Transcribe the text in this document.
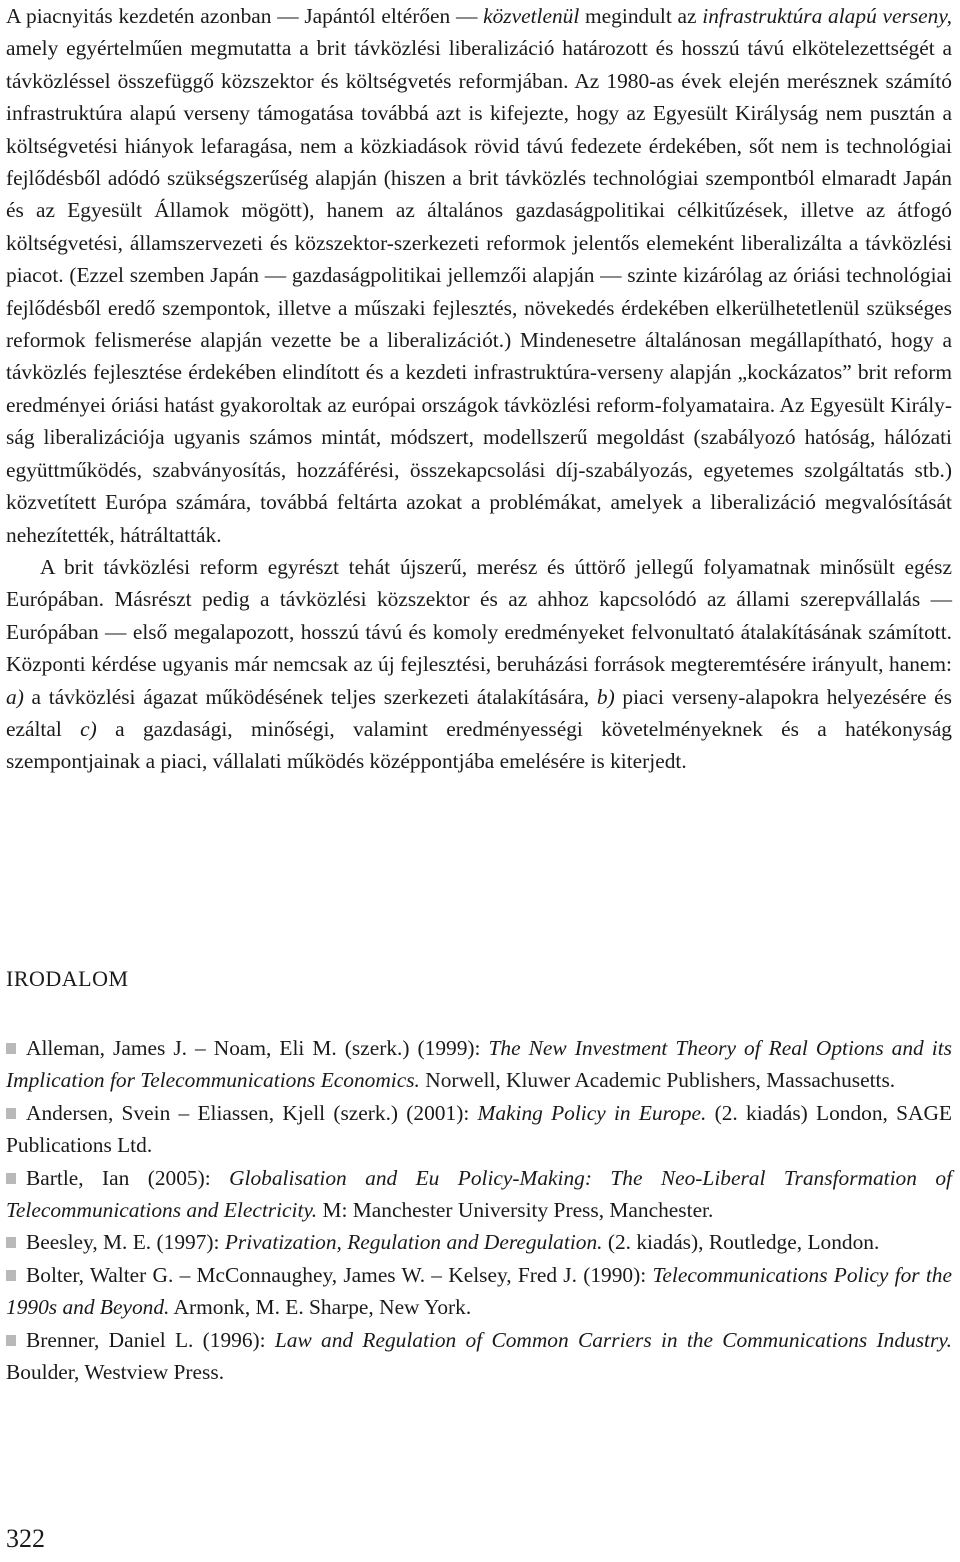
A piacnyitás kezdetén azonban — Japántól eltérően — közvetlenül megindult az infrastruktúra alapú verseny, amely egyértelműen megmutatta a brit távközlési liberalizáció határozott és hosszú távú elkötelezettségét a távközléssel összefüggő közszektor és költségvetés reformjában. Az 1980-as évek elején merésznek számító infrastruktúra alapú verseny támogatása továbbá azt is kifejezte, hogy az Egyesült Királyság nem pusztán a költségvetési hiányok lefaragása, nem a közkiadások rövid távú fedezete érdekében, sőt nem is technológiai fejlődésből adódó szükségszerűség alapján (hiszen a brit távközlés technológiai szempontból elmaradt Japán és az Egyesült Államok mögött), hanem az általános gazdaságpolitikai célkitűzések, illetve az átfogó költségvetési, államszervezeti és közszektor-szerkezeti reformok jelentős elemeként liberalizálta a távközlési piacot. (Ezzel szemben Japán — gazdaságpolitikai jellemzői alapján — szinte kizárólag az óriási technológiai fejlődésből eredő szempontok, illetve a műszaki fejlesztés, növekedés érdekében elkerülhetetlenül szükséges reformok felismerése alapján vezette be a liberalizációt.) Mindenesetre általánosan megállapítható, hogy a távközlés fejlesztése érdekében elindított és a kezdeti infrastruktúra-verseny alapján „kockázatos” brit reform eredményei óriási hatást gyakoroltak az európai országok távközlési reform-folyamataira. Az Egyesült Királyság liberalizációja ugyanis számos mintát, módszert, modellszerű megoldást (szabályozó hatóság, hálózati együttműködés, szabványosítás, hozzáférési, összekapcsolási díj-szabályozás, egyetemes szolgáltatás stb.) közvetített Európa számára, továbbá feltárta azokat a problémákat, amelyek a liberalizáció megvalósítását nehezítették, hátráltatták.

A brit távközlési reform egyrészt tehát újszerű, merész és úttörő jellegű folyamatnak minősült egész Európában. Másrészt pedig a távközlési közszektor és az ahhoz kapcsolódó az állami szerepvállalás — Európában — első megalapozott, hosszú távú és komoly eredményeket felvonultató átalakításának számított. Központi kérdése ugyanis már nemcsak az új fejlesztési, beruházási források megteremtésére irányult, hanem: a) a távközlési ágazat működésének teljes szerkezeti átalakítására, b) piaci verseny-alapokra helyezésére és ezáltal c) a gazdasági, minőségi, valamint eredményességi követelményeknek és a hatékonyság szempontjainak a piaci, vállalati működés középpontjába emelésére is kiterjedt.

IRODALOM
Alleman, James J. – Noam, Eli M. (szerk.) (1999): The New Investment Theory of Real Options and its Implication for Telecommunications Economics. Norwell, Kluwer Academic Publishers, Massachusetts.
Andersen, Svein – Eliassen, Kjell (szerk.) (2001): Making Policy in Europe. (2. kiadás) London, SAGE Publications Ltd.
Bartle, Ian (2005): Globalisation and Eu Policy-Making: The Neo-Liberal Transformation of Telecommunications and Electricity. M: Manchester University Press, Manchester.
Beesley, M. E. (1997): Privatization, Regulation and Deregulation. (2. kiadás), Routledge, London.
Bolter, Walter G. – McConnaughey, James W. – Kelsey, Fred J. (1990): Telecommunications Policy for the 1990s and Beyond. Armonk, M. E. Sharpe, New York.
Brenner, Daniel L. (1996): Law and Regulation of Common Carriers in the Communications Industry. Boulder, Westview Press.
322
